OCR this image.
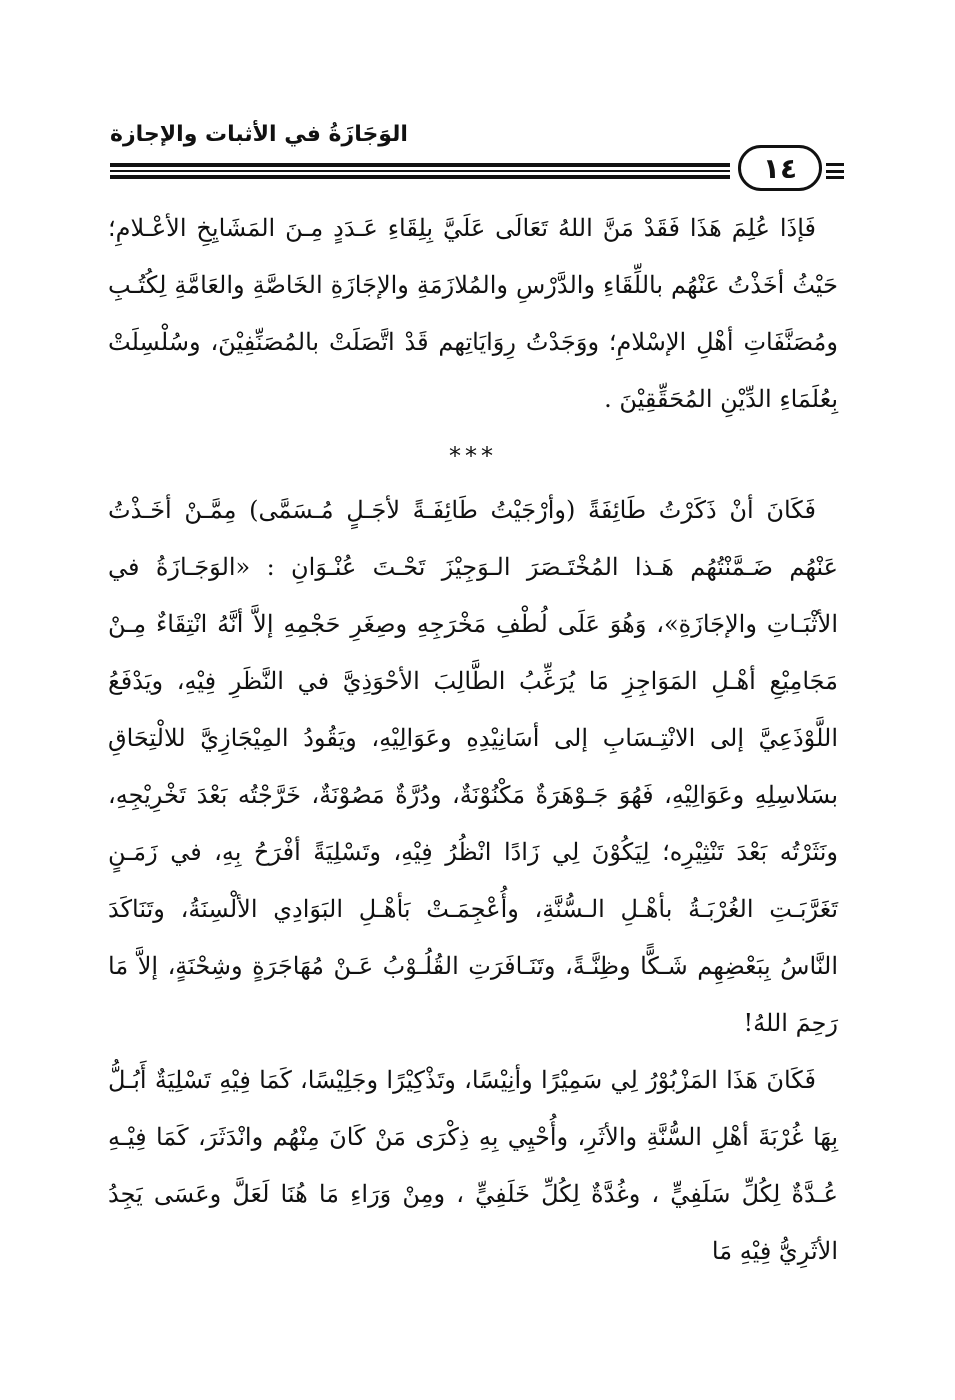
الوَجَازَةُ في الأثبات والإجازة
١٤

فَإذَا عُلِمَ هَذَا فَقَدْ مَنَّ اللهُ تَعَالَى عَلَيَّ بِلِقَاءِ عَـدَدٍ مِـنَ المَشَايِخِ الأعْـلامِ؛ حَيْثُ أخَذْتُ عَنْهُم باللِّقَاءِ والدَّرْسِ والمُلازَمَةِ والإجَازَةِ الخَاصَّةِ والعَامَّةِ لِكُتُـبِ ومُصَنَّفَاتِ أهْلِ الإسْلامِ؛ ووَجَدْتُ رِوَايَاتِهم قَدْ اتَّصَلَتْ بالمُصَنِّفِيْنَ، وسُلْسِلَتْ بِعُلَمَاءِ الدِّيْنِ المُحَقِّقِيْنَ .

***

فَكَانَ أنْ ذَكَرْتُ طَائِفَةً (وأرْجَيْتُ طَائِفَـةً لأجَـلٍ مُـسَمَّى) مِمَّـنْ أخَـذْتُ عَنْهُم ضَـمَّنْتُهُم هَـذا المُخْتَـصَرَ الـوَجِيْزَ تَحْـتَ عُنْـوَانِ : «الوَجَـازَةُ في الأثْبَـاتِ والإجَازَةِ»، وَهُوَ عَلَى لُطْفِ مَخْرَجِهِ وصِغَرِ حَجْمِهِ إلاَّ أنَّهُ انْتِقَاءٌ مِـنْ مَجَامِيْعِ أهْـلِ المَوَاجِزِ مَا يُرَغِّبُ الطَّالِبَ الأحْوَذِيَّ في النَّظَرِ فِيْهِ، ويَدْفَعُ اللَّوْذَعِيَّ إلى الانْتِـسَابِ إلى أسَانِيْدِهِ وعَوَالِيْهِ، ويَقُودُ المِيْجَازِيَّ للالْتِحَاقِ بسَلاسِلِهِ وعَوَالِيْهِ، فَهُوَ جَـوْهَرَةٌ مَكْنُوْنَةٌ، ودُرَّةٌ مَصُوْنَةٌ، خَرَّجْتُه بَعْدَ تَخْرِيْجِهِ، ونَثَرْتُه بَعْدَ تَنْثِيْرِه؛ لِيَكُوْنَ لِي زَادًا انْظُرُ فِيْهِ، وتَسْلِيَةً أفْرَحُ بِهِ، في زَمَـنٍ تَغَرَّبَـتِ الغُرْبَـةُ بأهْـلِ الـسُّنَّةِ، وأُعْجِمَـتْ بَأهْـلِ البَوَادِي الألْسِنَةُ، وتَنَاكَدَ النَّاسُ بِبَعْضِهِم شَـكًّا وظِنَّـةً، وتَنَـافَرَتِ القُلُـوْبُ عَـنْ مُهَاجَرَةٍ وشِحْنَةٍ، إلاَّ مَا رَحِمَ اللهُ!

فَكَانَ هَذَا المَزْبُوْرُ لِي سَمِيْرًا وأنِيْسًا، وتَذْكِيْرًا وجَلِيْسًا، كَمَا فِيْهِ تَسْلِيَةٌ أَبُـلُّ بِهَا غُرْبَةَ أهْلِ السُّنَّةِ والأثَرِ، وأُحْيِي بِهِ ذِكْرَى مَنْ كَانَ مِنْهُم وانْدَثَرَ، كَمَا فِيْـهِ عُـدَّةٌ لِكُلِّ سَلَفِيٍّ ، وغُدَّةٌ لِكُلِّ خَلَفِيٍّ ، ومِنْ وَرَاءِ مَا هُنَا لَعَلَّ وعَسَى يَجِدُ الأثَرِيُّ فِيْهِ مَا
